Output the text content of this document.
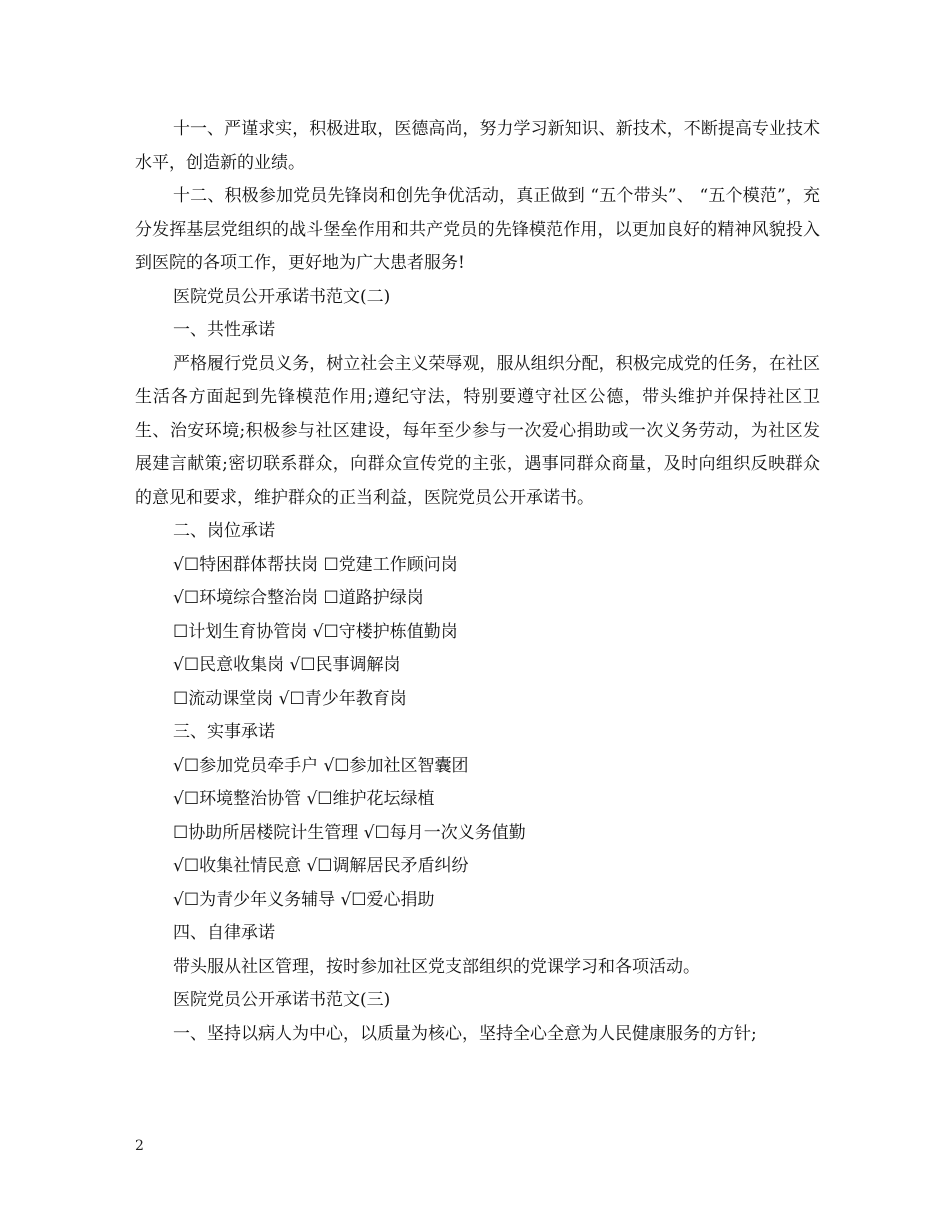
十一、严谨求实，积极进取，医德高尚，努力学习新知识、新技术，不断提高专业技术水平，创造新的业绩。

十二、积极参加党员先锋岗和创先争优活动，真正做到 “五个带头”、 “五个模范”，充分发挥基层党组织的战斗堡垒作用和共产党员的先锋模范作用，以更加良好的精神风貌投入到医院的各项工作，更好地为广大患者服务!

医院党员公开承诺书范文(二)

一、共性承诺

严格履行党员义务，树立社会主义荣辱观，服从组织分配，积极完成党的任务，在社区生活各方面起到先锋模范作用;遵纪守法，特别要遵守社区公德，带头维护并保持社区卫生、治安环境;积极参与社区建设，每年至少参与一次爱心捐助或一次义务劳动，为社区发展建言献策;密切联系群众，向群众宣传党的主张，遇事同群众商量，及时向组织反映群众的意见和要求，维护群众的正当利益，医院党员公开承诺书。

二、岗位承诺

√☐特困群体帮扶岗 ☐党建工作顾问岗

√☐环境综合整治岗 ☐道路护绿岗

☐计划生育协管岗 √☐守楼护栋值勤岗

√☐民意收集岗 √☐民事调解岗

☐流动课堂岗 √☐青少年教育岗

三、实事承诺

√☐参加党员牵手户 √☐参加社区智囊团

√☐环境整治协管 √☐维护花坛绿植

☐协助所居楼院计生管理 √☐每月一次义务值勤

√☐收集社情民意 √☐调解居民矛盾纠纷

√☐为青少年义务辅导 √☐爱心捐助

四、自律承诺

带头服从社区管理，按时参加社区党支部组织的党课学习和各项活动。

医院党员公开承诺书范文(三)

一、坚持以病人为中心，以质量为核心，坚持全心全意为人民健康服务的方针;

2
